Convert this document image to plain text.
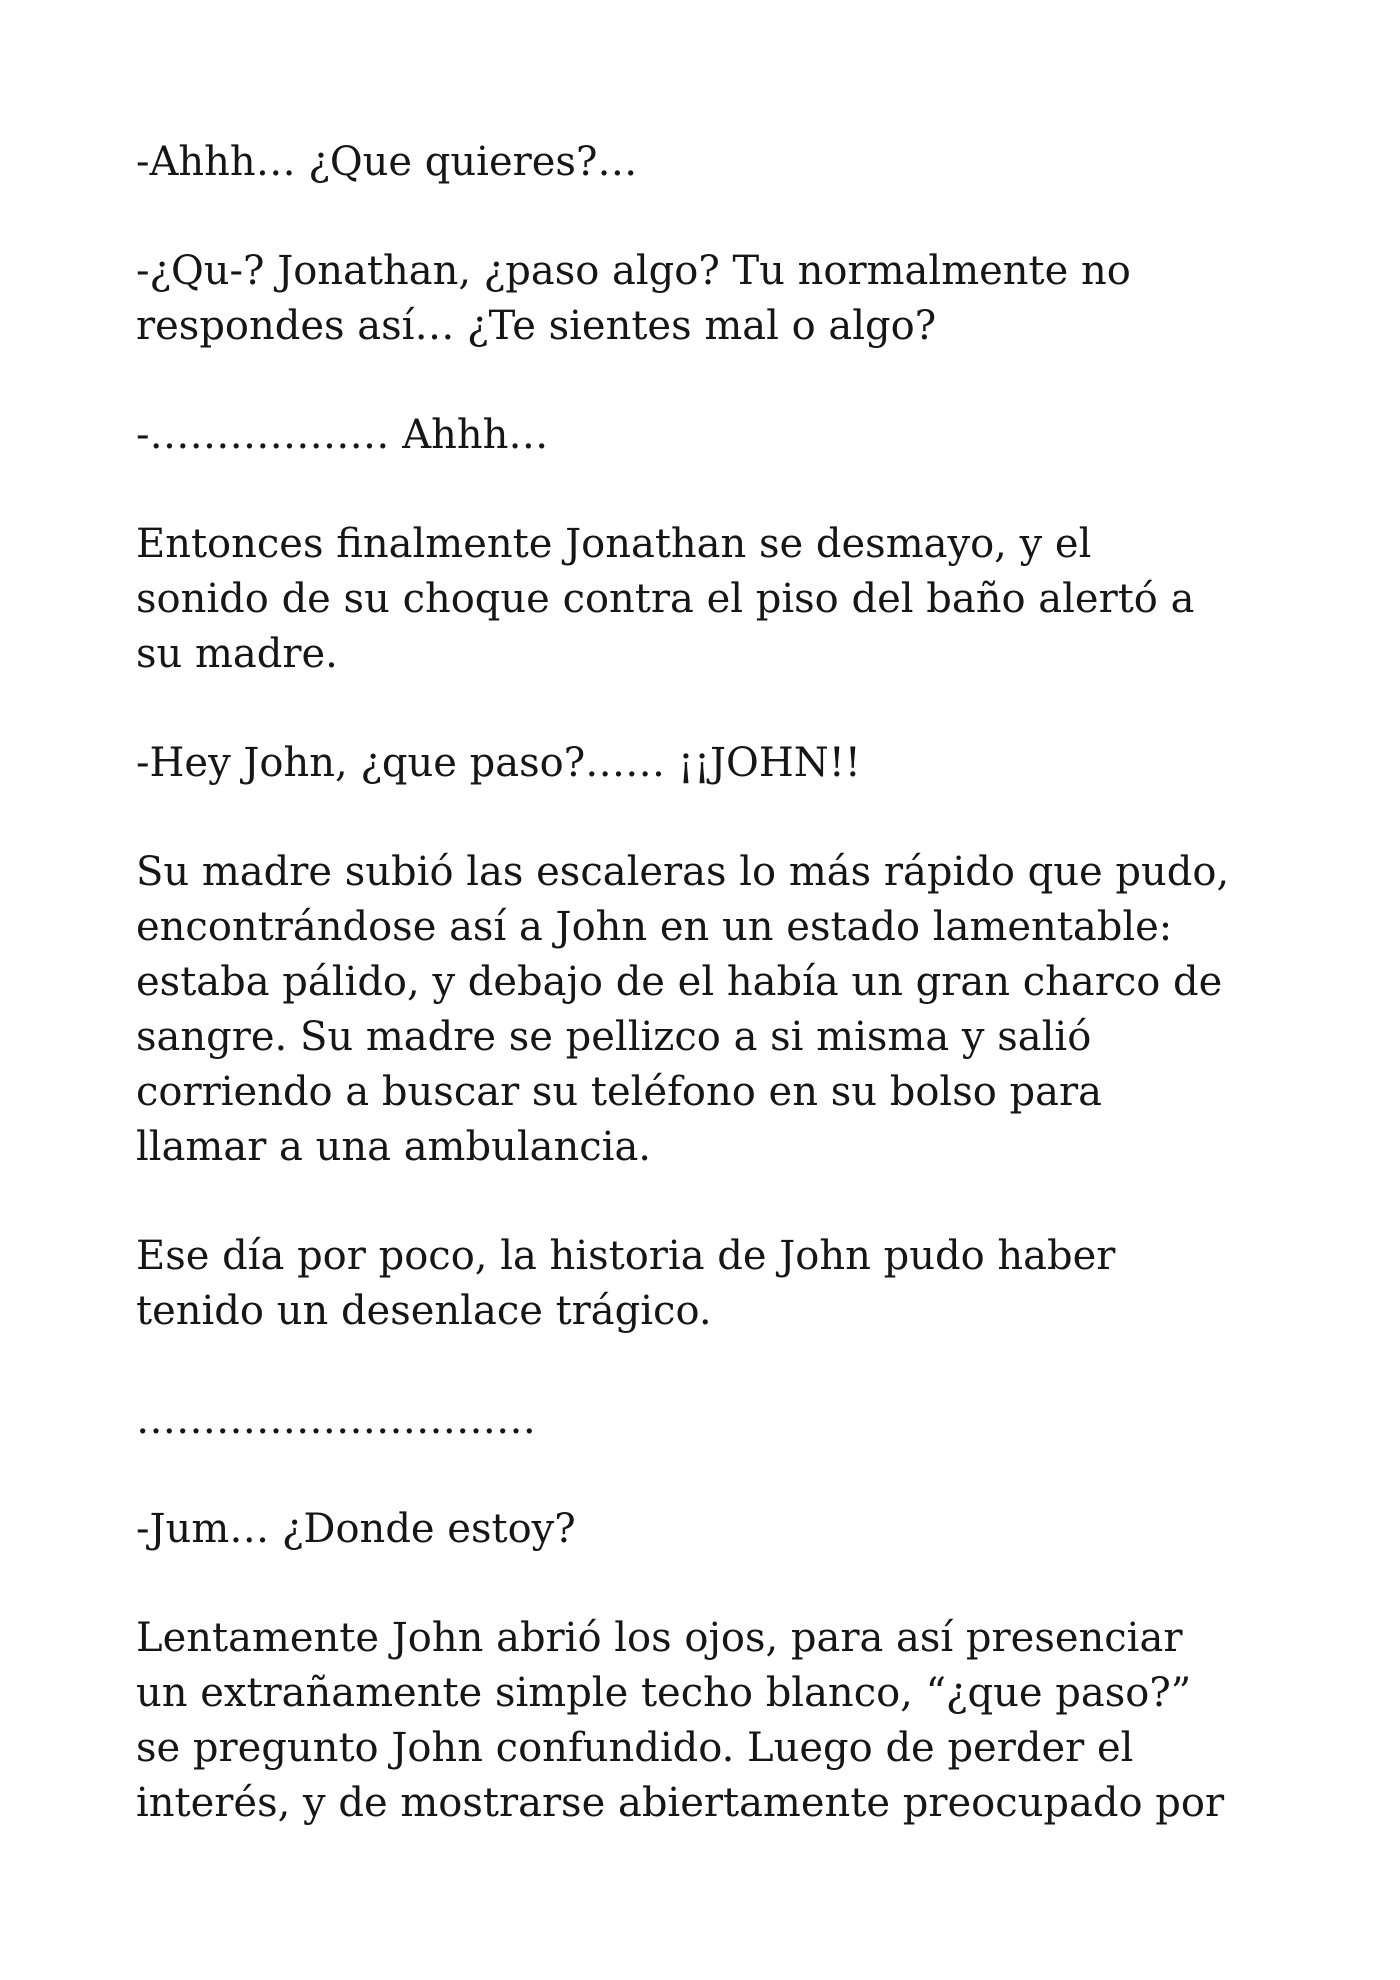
-Ahhh… ¿Que quieres?…

-¿Qu-? Jonathan, ¿paso algo? Tu normalmente no
respondes así… ¿Te sientes mal o algo?

-……………… Ahhh…

Entonces finalmente Jonathan se desmayo, y el
sonido de su choque contra el piso del baño alertó a
su madre.

-Hey John, ¿que paso?…… ¡¡JOHN!!

Su madre subió las escaleras lo más rápido que pudo,
encontrándose así a John en un estado lamentable:
estaba pálido, y debajo de el había un gran charco de
sangre. Su madre se pellizco a si misma y salió
corriendo a buscar su teléfono en su bolso para
llamar a una ambulancia.

Ese día por poco, la historia de John pudo haber
tenido un desenlace trágico.

…………………………

-Jum… ¿Donde estoy?

Lentamente John abrió los ojos, para así presenciar
un extrañamente simple techo blanco, “¿que paso?”
se pregunto John confundido. Luego de perder el
interés, y de mostrarse abiertamente preocupado por
